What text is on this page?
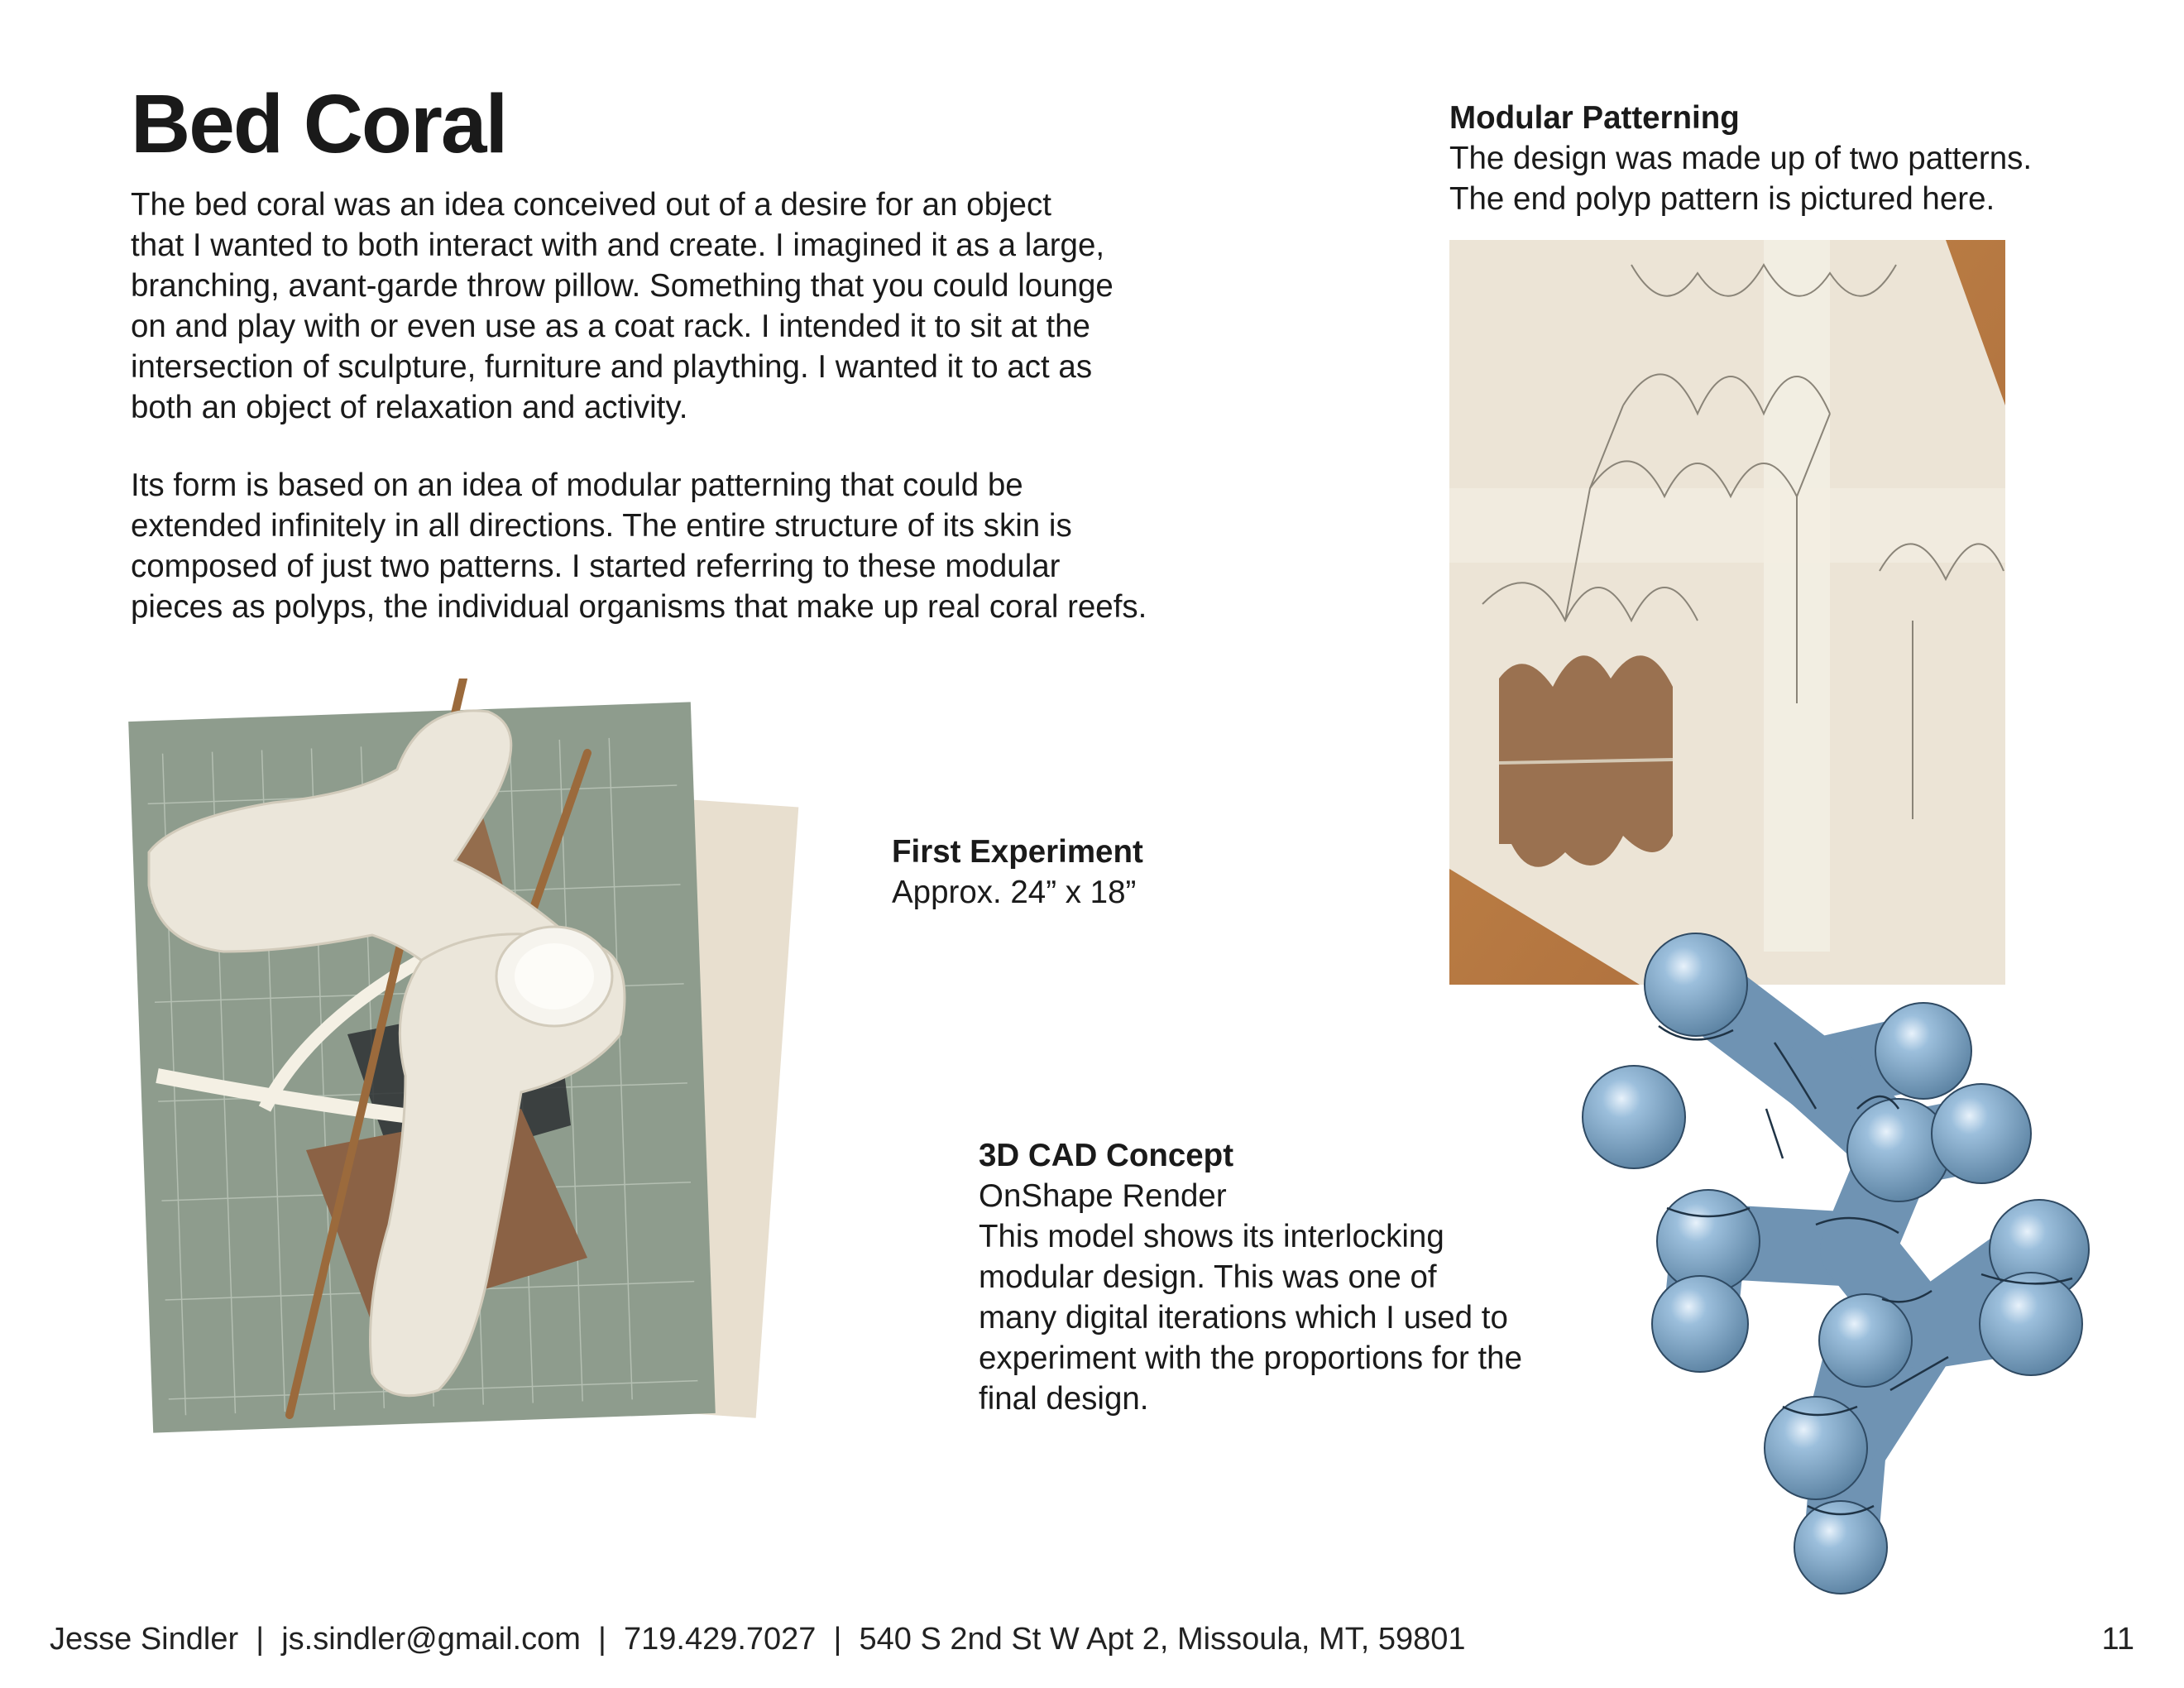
Bed Coral
The bed coral was an idea conceived out of a desire for an object
that I wanted to both interact with and create. I imagined it as a large,
branching, avant-garde throw pillow. Something that you could lounge
on and play with or even use as a coat rack. I intended it to sit at the
intersection of sculpture, furniture and plaything. I wanted it to act as
both an object of relaxation and activity.
Its form is based on an idea of modular patterning that could be
extended infinitely in all directions. The entire structure of its skin is
composed of just two patterns. I started referring to these modular
pieces as polyps, the individual organisms that make up real coral reefs.
Modular Patterning
The design was made up of two patterns.
The end polyp pattern is pictured here.
First Experiment
Approx. 24” x 18”
3D CAD Concept
OnShape Render
This model shows its interlocking
modular design. This was one of
many digital iterations which I used to
experiment with the proportions for the
final design.
Jesse Sindler  |  js.sindler@gmail.com  |  719.429.7027  |  540 S 2nd St W Apt 2, Missoula, MT, 59801	11
